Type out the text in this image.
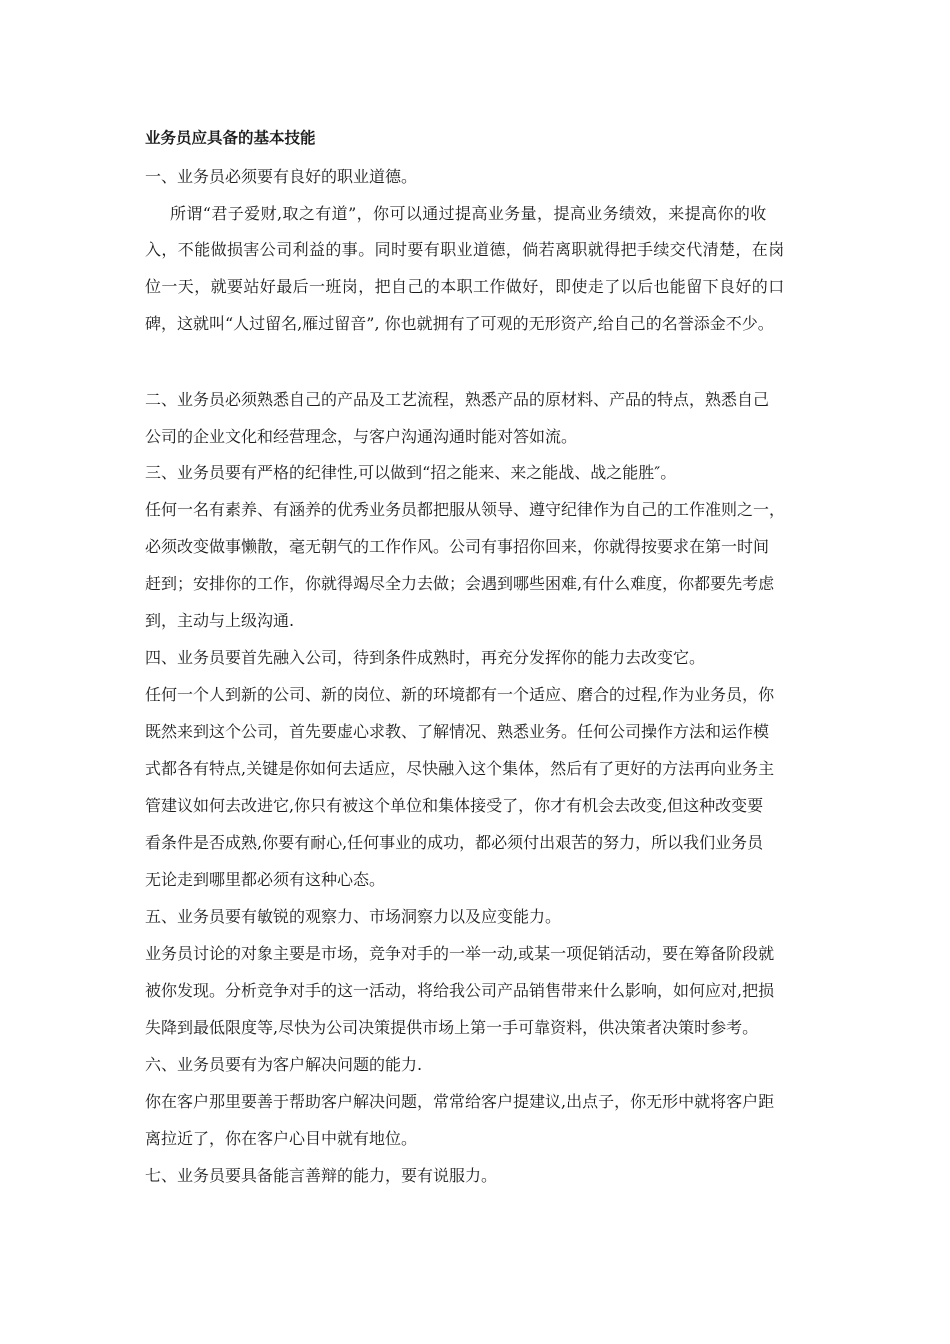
业务员应具备的基本技能
一、业务员必须要有良好的职业道德。
所谓“君子爱财,取之有道”，你可以通过提高业务量，提高业务绩效，来提高你的收
入，不能做损害公司利益的事。同时要有职业道德，倘若离职就得把手续交代清楚，在岗
位一天，就要站好最后一班岗，把自己的本职工作做好，即使走了以后也能留下良好的口
碑，这就叫“人过留名,雁过留音”, 你也就拥有了可观的无形资产,给自己的名誉添金不少。
二、业务员必须熟悉自己的产品及工艺流程，熟悉产品的原材料、产品的特点，熟悉自己
公司的企业文化和经营理念，与客户沟通沟通时能对答如流。
三、业务员要有严格的纪律性,可以做到“招之能来、来之能战、战之能胜″。
任何一名有素养、有涵养的优秀业务员都把服从领导、遵守纪律作为自己的工作准则之一，
必须改变做事懒散，毫无朝气的工作作风。公司有事招你回来，你就得按要求在第一时间
赶到；安排你的工作，你就得竭尽全力去做；会遇到哪些困难,有什么难度，你都要先考虑
到，主动与上级沟通.
四、业务员要首先融入公司，待到条件成熟时，再充分发挥你的能力去改变它。
任何一个人到新的公司、新的岗位、新的环境都有一个适应、磨合的过程,作为业务员，你
既然来到这个公司，首先要虚心求教、了解情况、熟悉业务。任何公司操作方法和运作模
式都各有特点,关键是你如何去适应，尽快融入这个集体，然后有了更好的方法再向业务主
管建议如何去改进它,你只有被这个单位和集体接受了，你才有机会去改变,但这种改变要
看条件是否成熟,你要有耐心,任何事业的成功，都必须付出艰苦的努力，所以我们业务员
无论走到哪里都必须有这种心态。
五、业务员要有敏锐的观察力、市场洞察力以及应变能力。
业务员讨论的对象主要是市场，竞争对手的一举一动,或某一项促销活动，要在筹备阶段就
被你发现。分析竞争对手的这一活动，将给我公司产品销售带来什么影响，如何应对,把损
失降到最低限度等,尽快为公司决策提供市场上第一手可靠资料，供决策者决策时参考。
六、业务员要有为客户解决问题的能力.
你在客户那里要善于帮助客户解决问题，常常给客户提建议,出点子，你无形中就将客户距
离拉近了，你在客户心目中就有地位。
七、业务员要具备能言善辩的能力，要有说服力。
